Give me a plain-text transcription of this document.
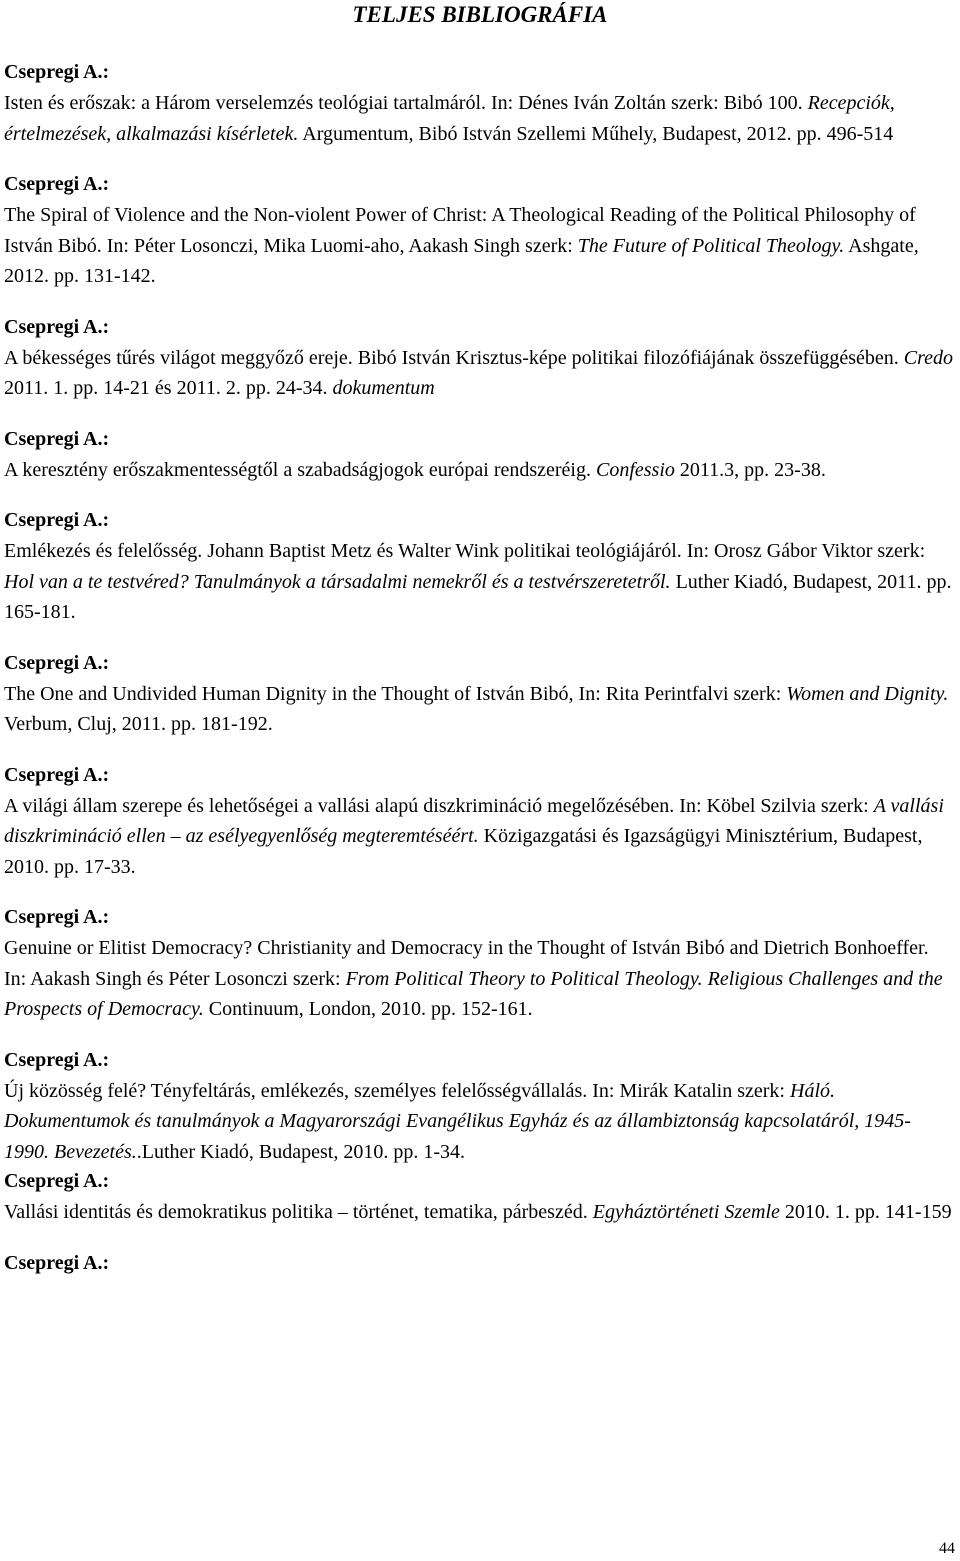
TELJES BIBLIOGRÁFIA
Csepregi A.:

Isten és erőszak: a Három verselemzés teológiai tartalmáról. In: Dénes Iván Zoltán szerk: Bibó 100. Recepciók, értelmezések, alkalmazási kísérletek. Argumentum, Bibó István Szellemi Műhely, Budapest, 2012. pp. 496-514

Csepregi A.:

The Spiral of Violence and the Non-violent Power of Christ: A Theological Reading of the Political Philosophy of István Bibó. In: Péter Losonczi, Mika Luomi-aho, Aakash Singh szerk: The Future of Political Theology. Ashgate, 2012. pp. 131-142.

Csepregi A.:

A békességes tűrés világot meggyőző ereje. Bibó István Krisztus-képe politikai filozófiájának összefüggésében. Credo 2011. 1. pp. 14-21 és 2011. 2. pp. 24-34. dokumentum

Csepregi A.:

A keresztény erőszakmentességtől a szabadságjogok európai rendszeréig. Confessio 2011.3, pp. 23-38.

Csepregi A.:

Emlékezés és felelősség. Johann Baptist Metz és Walter Wink politikai teológiájáról. In: Orosz Gábor Viktor szerk: Hol van a te testvéred? Tanulmányok a társadalmi nemekről és a testvérszeretetről. Luther Kiadó, Budapest, 2011. pp. 165-181.

Csepregi A.:

The One and Undivided Human Dignity in the Thought of István Bibó, In: Rita Perintfalvi szerk: Women and Dignity. Verbum, Cluj, 2011. pp. 181-192.

Csepregi A.:

A világi állam szerepe és lehetőségei a vallási alapú diszkrimináció megelőzésében. In: Köbel Szilvia szerk: A vallási diszkrimináció ellen – az esélyegyenlőség megteremtéséért. Közigazgatási és Igazságügyi Minisztérium, Budapest, 2010. pp. 17-33.

Csepregi A.:

Genuine or Elitist Democracy? Christianity and Democracy in the Thought of István Bibó and Dietrich Bonhoeffer. In: Aakash Singh és Péter Losonczi szerk: From Political Theory to Political Theology. Religious Challenges and the Prospects of Democracy. Continuum, London, 2010. pp. 152-161.

Csepregi A.:

Új közösség felé? Tényfeltárás, emlékezés, személyes felelősségvállalás. In: Mirák Katalin szerk: Háló. Dokumentumok és tanulmányok a Magyarországi Evangélikus Egyház és az állambiztonság kapcsolatáról, 1945-1990. Bevezetés..Luther Kiadó, Budapest, 2010. pp. 1-34.

Csepregi A.:

Vallási identitás és demokratikus politika – történet, tematika, párbeszéd. Egyháztörténeti Szemle 2010. 1. pp. 141-159

Csepregi A.:
44
